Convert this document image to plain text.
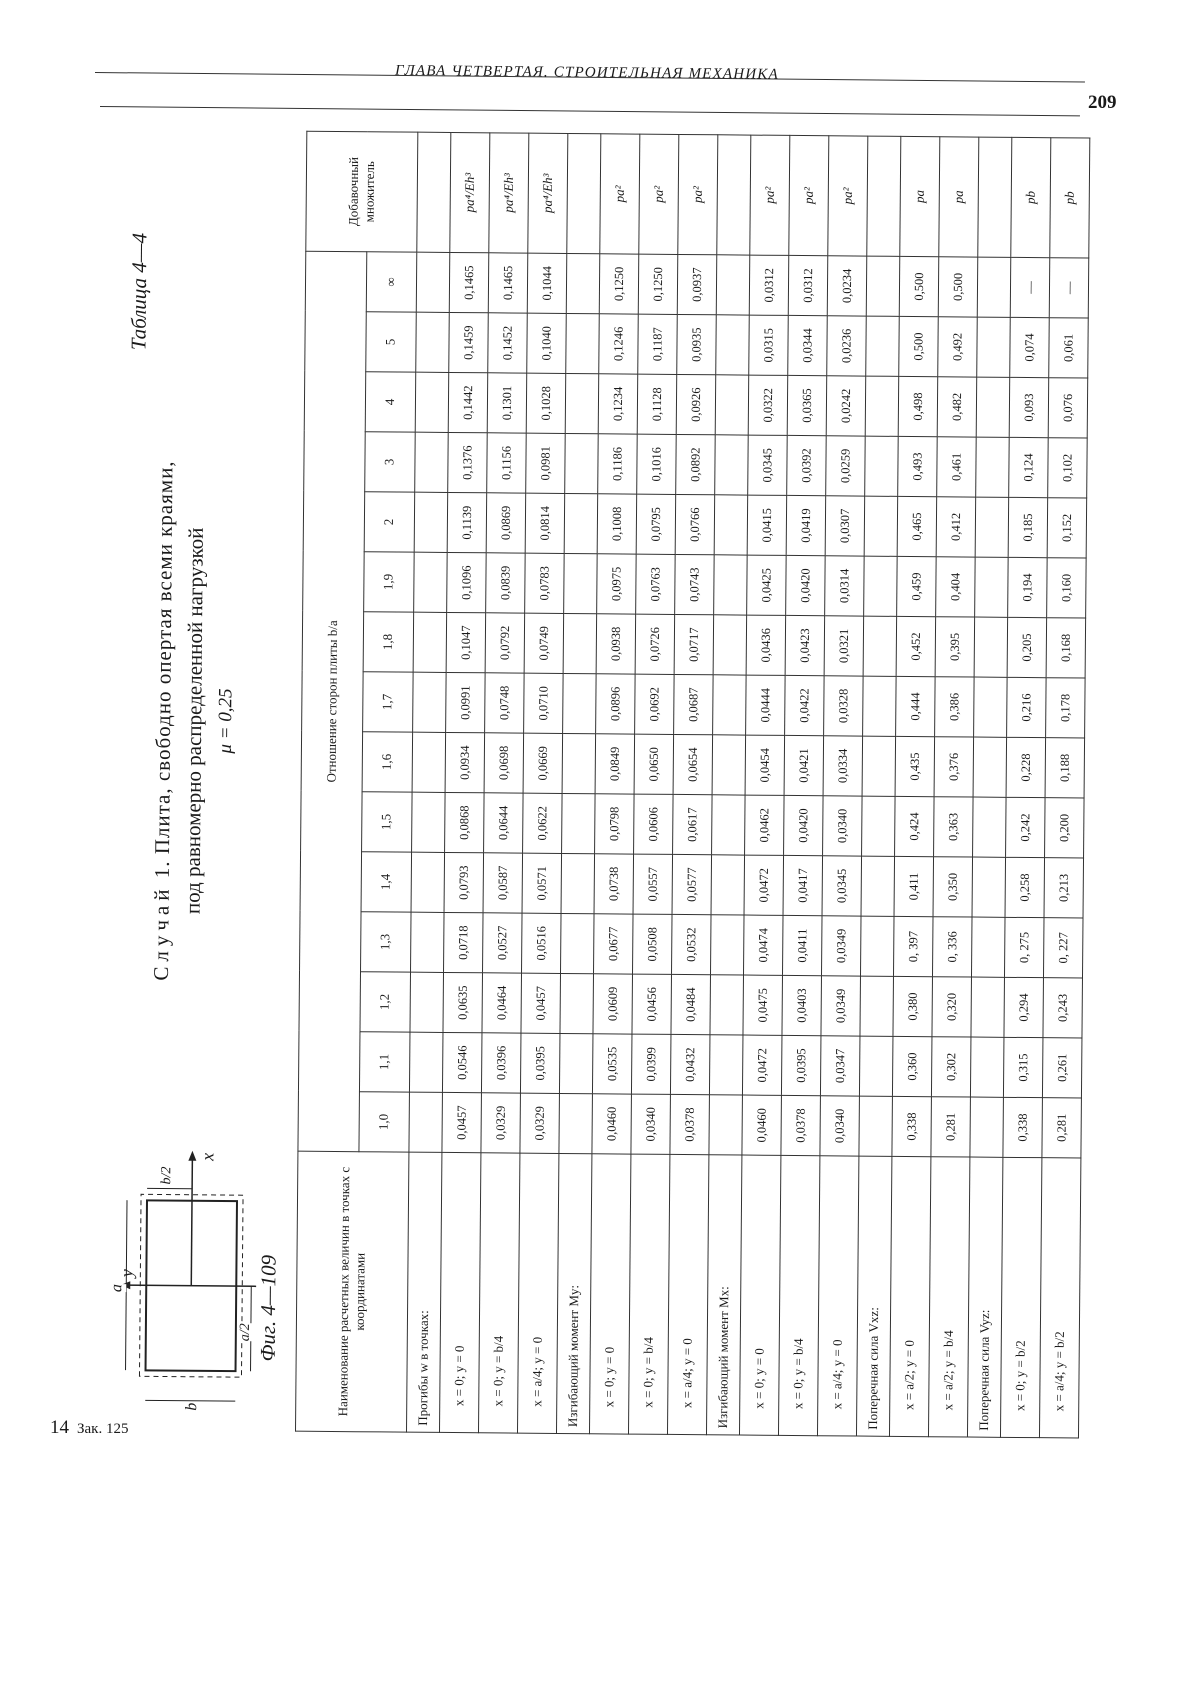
ГЛАВА ЧЕТВЕРТАЯ. СТРОИТЕЛЬНАЯ МЕХАНИКА
209
Таблица 4—4
y
x
a
b
a/2
b/2
Фиг. 4—109
Случай 1. Плита, свободно опертая всеми краями, под равномерно распределенной нагрузкой μ = 0,25
Наименование расчетных величин в точках с координатами	Отношение сторон плиты b/a															Добавочный множитель
	1,0	1,1	1,2	1,3	1,4	1,5	1,6	1,7	1,8	1,9	2	3	4	5	∞	
Прогибы w в точках:																
x = 0; y = 0	0,0457	0,0546	0,0635	0,0718	0,0793	0,0868	0,0934	0,0991	0,1047	0,1096	0,1139	0,1376	0,1442	0,1459	0,1465	pa⁴/Eh³
x = 0; y = b/4	0,0329	0,0396	0,0464	0,0527	0,0587	0,0644	0,0698	0,0748	0,0792	0,0839	0,0869	0,1156	0,1301	0,1452	0,1465	pa⁴/Eh³
x = a/4; y = 0	0,0329	0,0395	0,0457	0,0516	0,0571	0,0622	0,0669	0,0710	0,0749	0,0783	0,0814	0,0981	0,1028	0,1040	0,1044	pa⁴/Eh³
Изгибающий момент My:																
x = 0; y = 0	0,0460	0,0535	0,0609	0,0677	0,0738	0,0798	0,0849	0,0896	0,0938	0,0975	0,1008	0,1186	0,1234	0,1246	0,1250	pa²
x = 0; y = b/4	0,0340	0,0399	0,0456	0,0508	0,0557	0,0606	0,0650	0,0692	0,0726	0,0763	0,0795	0,1016	0,1128	0,1187	0,1250	pa²
x = a/4; y = 0	0,0378	0,0432	0,0484	0,0532	0,0577	0,0617	0,0654	0,0687	0,0717	0,0743	0,0766	0,0892	0,0926	0,0935	0,0937	pa²
Изгибающий момент Mx:																
x = 0; y = 0	0,0460	0,0472	0,0475	0,0474	0,0472	0,0462	0,0454	0,0444	0,0436	0,0425	0,0415	0,0345	0,0322	0,0315	0,0312	pa²
x = 0; y = b/4	0,0378	0,0395	0,0403	0,0411	0,0417	0,0420	0,0421	0,0422	0,0423	0,0420	0,0419	0,0392	0,0365	0,0344	0,0312	pa²
x = a/4; y = 0	0,0340	0,0347	0,0349	0,0349	0,0345	0,0340	0,0334	0,0328	0,0321	0,0314	0,0307	0,0259	0,0242	0,0236	0,0234	pa²
Поперечная сила Vxz:																
x = a/2; y = 0	0,338	0,360	0,380	0, 397	0,411	0,424	0,435	0,444	0,452	0,459	0,465	0,493	0,498	0,500	0,500	pa
x = a/2; y = b/4	0,281	0,302	0,320	0, 336	0,350	0,363	0,376	0,386	0,395	0,404	0,412	0,461	0,482	0,492	0,500	pa
Поперечная сила Vyz:																
x = 0; y = b/2	0,338	0,315	0,294	0, 275	0,258	0,242	0,228	0,216	0,205	0,194	0,185	0,124	0,093	0,074	—	pb
x = a/4; y = b/2	0,281	0,261	0,243	0, 227	0,213	0,200	0,188	0,178	0,168	0,160	0,152	0,102	0,076	0,061	—	pb
14 Зак. 125
